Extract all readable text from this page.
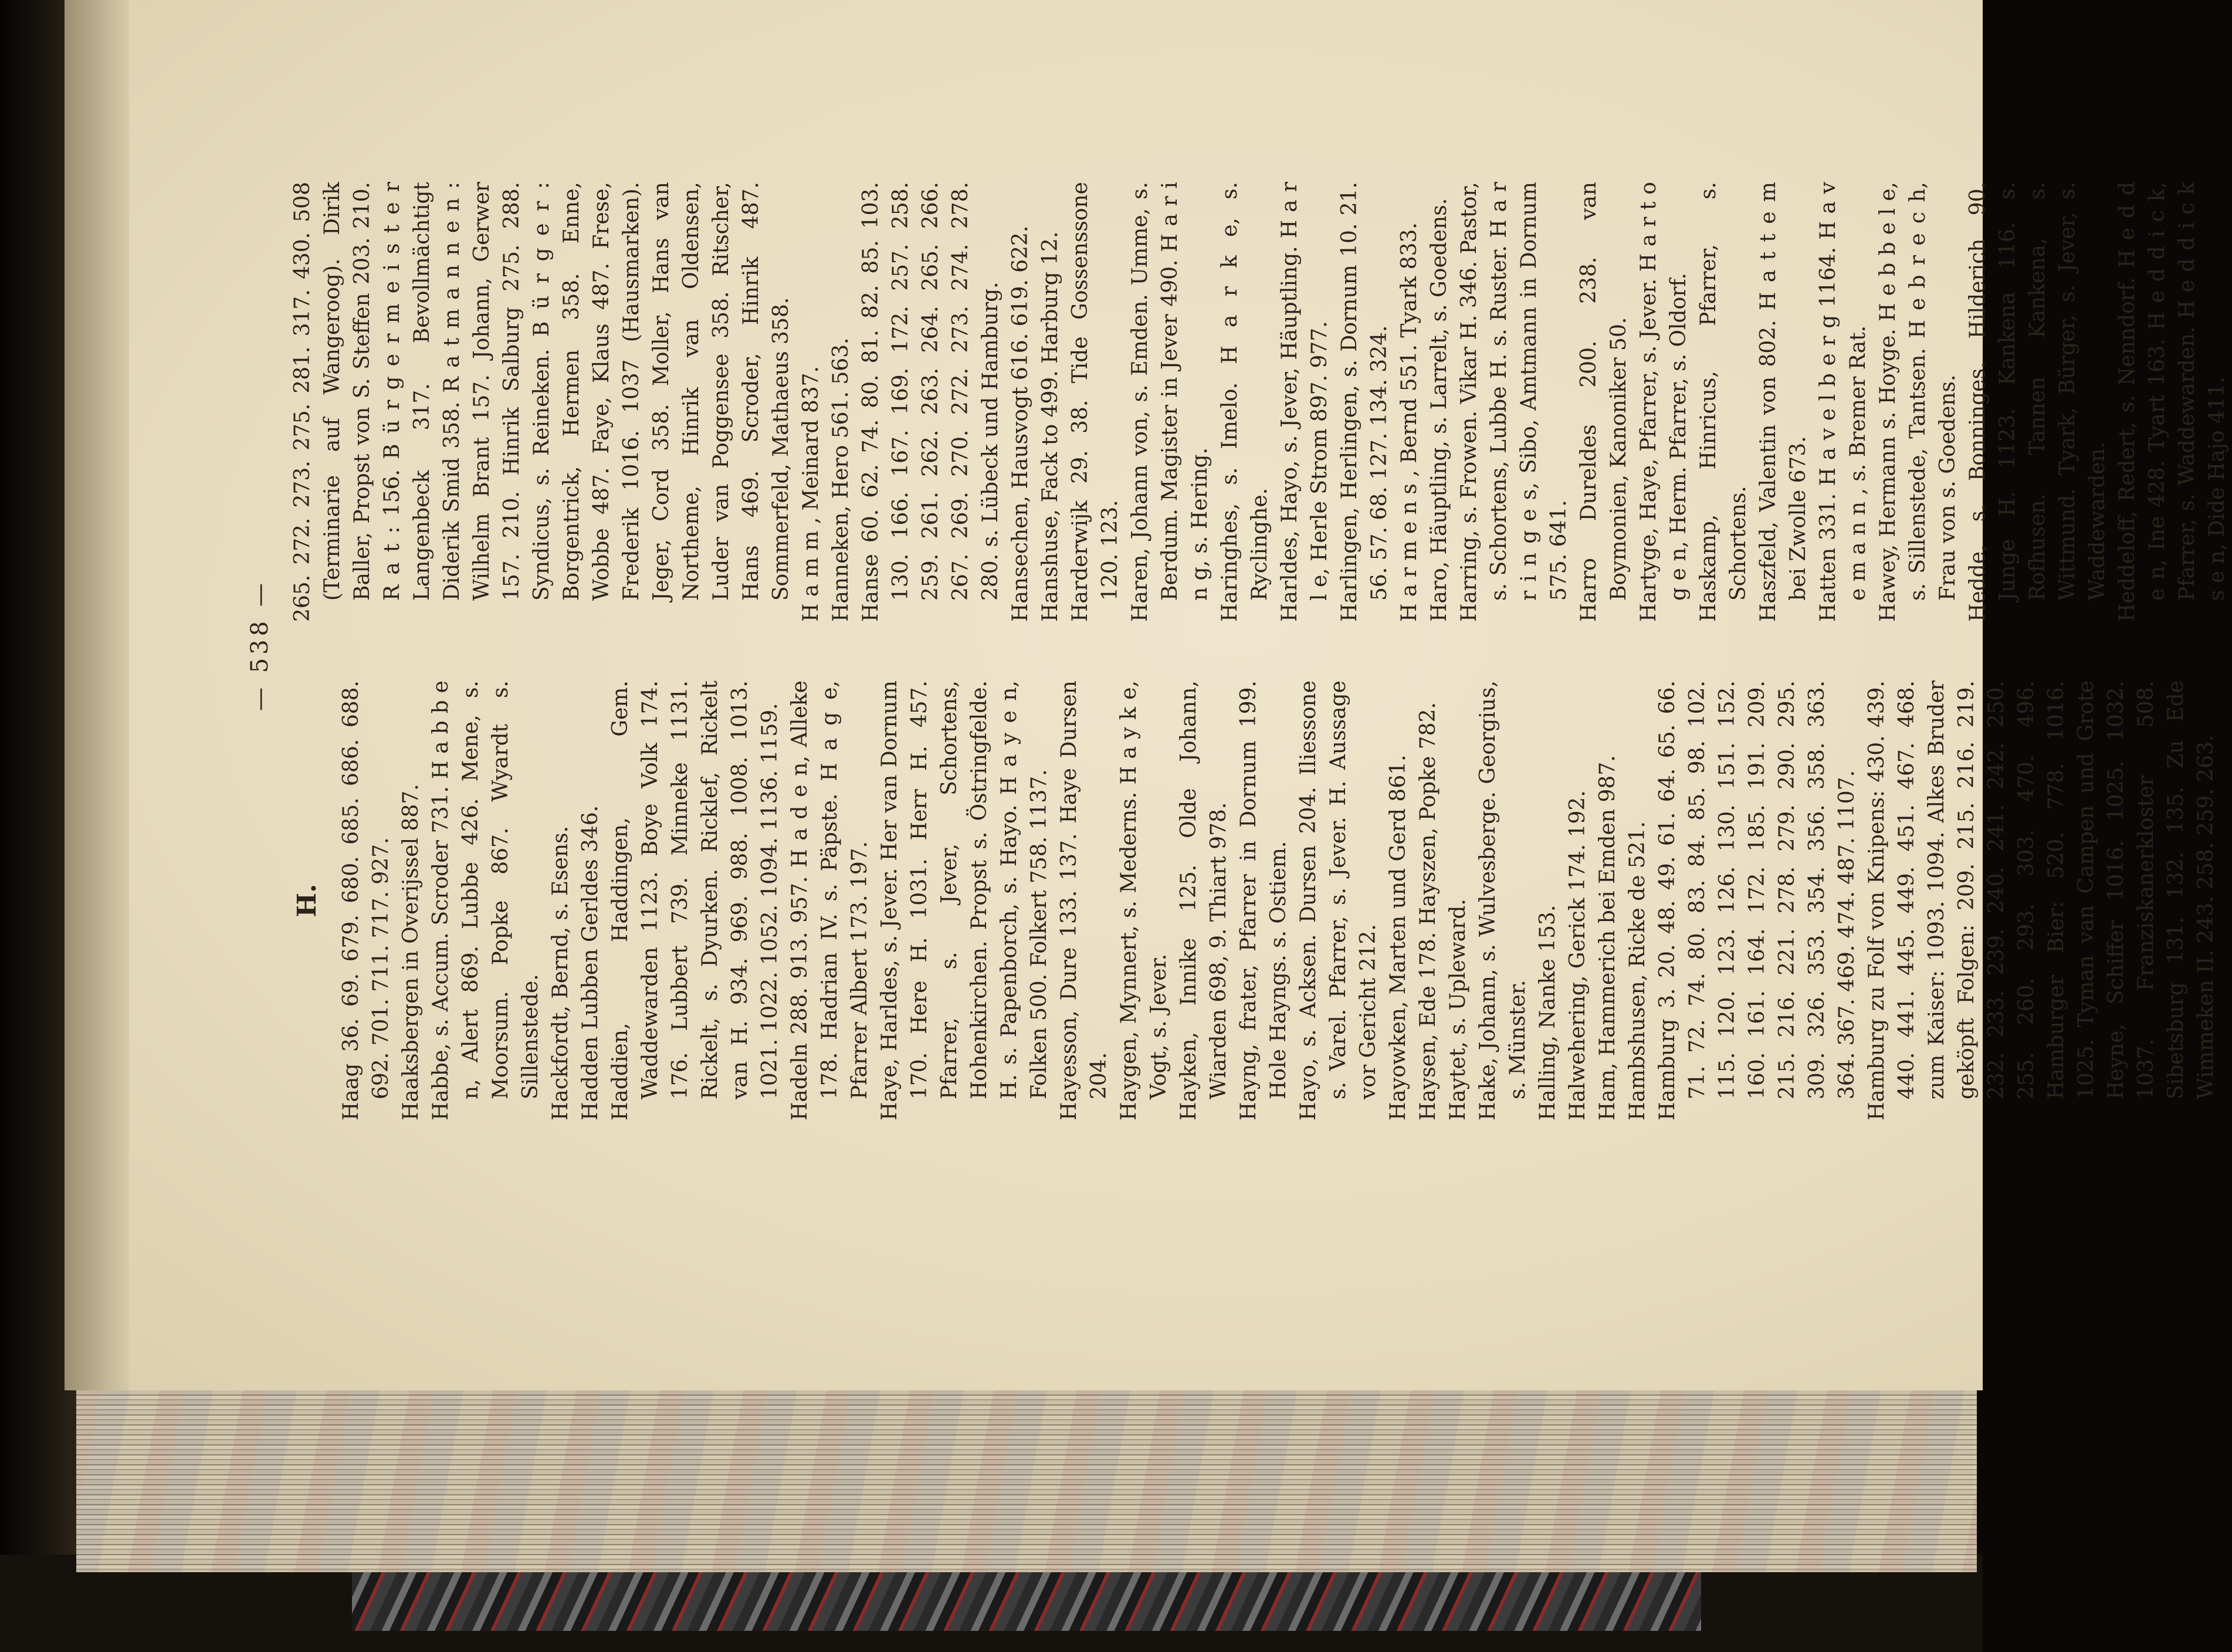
— 538 —
H. Haag 36. 69. 679. 680. 685. 686. 688. 692. 701. 711. 717. 927. Haaksbergen in Overijssel 887. Habbe, s. Accum. Scroder 731. H a b b e n, Alert 869. Lubbe 426. Mene, s. Moorsum. Popke 867. Wyardt s. Sillenstede. Hackfordt, Bernd, s. Esens. Hadden Lubben Gerldes 346. Haddien, Haddingen, Gem. Waddewarden 1123. Boye Volk 174. 176. Lubbert 739. Minneke 1131. Rickelt, s. Dyurken. Ricklef, Rickelt van H. 934. 969. 988. 1008. 1013. 1021. 1022. 1052. 1094. 1136. 1159. Hadeln 288. 913. 957. H a d e n, Alleke 178. Hadrian IV. s. Päpste. H a g e, Pfarrer Albert 173. 197. Haye, Harldes, s. Jever. Her van Dornum 170. Here H. 1031. Herr H. 457. Pfarrer, s. Jever, Schortens, Hohenkirchen. Propst s. Östringfelde. H. s. Papenborch, s. Hayo. H a y e n, Folken 500. Folkert 758. 1137. Hayesson, Dure 133. 137. Haye Dursen 204. Haygen, Mynnert, s. Mederns. H a y k e, Vogt, s. Jever. Hayken, Innike 125. Olde Johann, Wiarden 698, 9. Thiart 978. Hayng, frater, Pfarrer in Dornum 199. Hole Hayngs. s. Ostiem. Hayo, s. Acksen. Dursen 204. Iliessone s. Varel. Pfarrer, s. Jever. H. Aussage vor Gericht 212. Hayowken, Marten und Gerd 861. Haysen, Ede 178. Hayszen, Popke 782. Haytet, s. Upleward. Hake, Johann, s. Wulvesberge. Georgius, s. Münster. Halling, Nanke 153. Halwehering, Gerick 174. 192. Ham, Hammerich bei Emden 987. Hambshusen, Ricke de 521. Hamburg 3. 20. 48. 49. 61. 64. 65. 66. 71. 72. 74. 80. 83. 84. 85. 98. 102. 115. 120. 123. 126. 130. 151. 152. 160. 161. 164. 172. 185. 191. 209. 215. 216. 221. 278. 279. 290. 295. 309. 326. 353. 354. 356. 358. 363. 364. 367. 469. 474. 487. 1107. Hamburg zu Folf von Knipens: 430. 439. 440. 441. 445. 449. 451. 467. 468. zum Kaiser: 1093. 1094. Alkes Bruder geköpft Folgen: 209. 215. 216. 219. 232. 233. 239. 240. 241. 242. 250. 255. 260. 293. 303. 470. 496. Hamburger Bier: 520. 778. 1016. 1025. Tyman van Campen und Grote Heyne, Schiffer 1016. 1025. 1032. 1037. Franziskanerkloster 508. Sibetsburg 131. 132. 135. Zu Ede Wimmeken II. 243. 258. 259. 263.

265. 272. 273. 275. 281. 317. 430. 508 (Terminarie auf Wangeroog). Dirik Baller, Propst von S. Steffen 203. 210. R a t : 156. B ü r g e r m e i s t e r Langenbeck 317. Bevollmächtigt Diderik Smid 358. R a t m a n n e n : Wilhelm Brant 157. Johann, Gerwer 157. 210. Hinrik Salburg 275. 288. Syndicus, s. Reineken. B ü r g e r : Borgentrick, Hermen 358. Enne, Wobbe 487. Faye, Klaus 487. Frese, Frederik 1016. 1037 (Hausmarken). Jeger, Cord 358. Moller, Hans van Northeme, Hinrik van Oldensen, Luder van Poggensee 358. Ritscher, Hans 469. Scroder, Hinrik 487. Sommerfeld, Mathaeus 358. H a m m , Meinard 837. Hanneken, Hero 561. 563. Hanse 60. 62. 74. 80. 81. 82. 85. 103. 130. 166. 167. 169. 172. 257. 258. 259. 261. 262. 263. 264. 265. 266. 267. 269. 270. 272. 273. 274. 278. 280. s. Lübeck und Hamburg. Hansechen, Hausvogt 616. 619. 622. Hanshuse, Fack to 499. Harburg 12. Harderwijk 29. 38. Tide Gossenssone 120. 123. Haren, Johann von, s. Emden. Umme, s. Berdum. Magister in Jever 490. H a r i n g, s. Hering. Haringhes, s. Imelo. H a r k e, s. Ryclinghe. Harldes, Hayo, s. Jever, Häuptling. H a r l e, Herle Strom 897. 977. Harlingen, Herlingen, s. Dornum 10. 21. 56. 57. 68. 127. 134. 324. H a r m e n s , Bernd 551. Tyark 833. Haro, Häuptling, s. Larrelt, s. Goedens. Harring, s. Frowen. Vikar H. 346. Pastor, s. Schortens, Lubbe H. s. Ruster. H a r r i n g e s, Sibo, Amtmann in Dornum 575. 641. Harro Dureldes 200. 238. van Boymonien, Kanoniker 50. Hartyge, Haye, Pfarrer, s. Jever. H a r t o g e n, Herm. Pfarrer, s. Oldorf. Haskamp, Hinricus, Pfarrer, s. Schortens. Haszfeld, Valentin von 802. H a t t e m bei Zwolle 673. Hatten 331. H a v e l b e r g 1164. H a v e m a n n , s. Bremer Rat. Hawey, Hermann s. Hoyge. H e b b e l e, s. Sillenstede, Tantsen. H e b r e c h, Frau von s. Goedens. Hedde, s. Bonninges. Hilderich 90. Junge H. 1123. Kankena 116. s. Rofhusen. Tannen Kankena, s. Wittmund. Tyark, Bürger, s. Jever, s. Waddewarden. Heddeloff, Redert, s. Nenndorf. H e d d e n, Ine 428. Tyart 163. H e d d i c k, Pfarrer, s. Waddewarden. H e d d i c k s e n, Dide Hajo 411.
